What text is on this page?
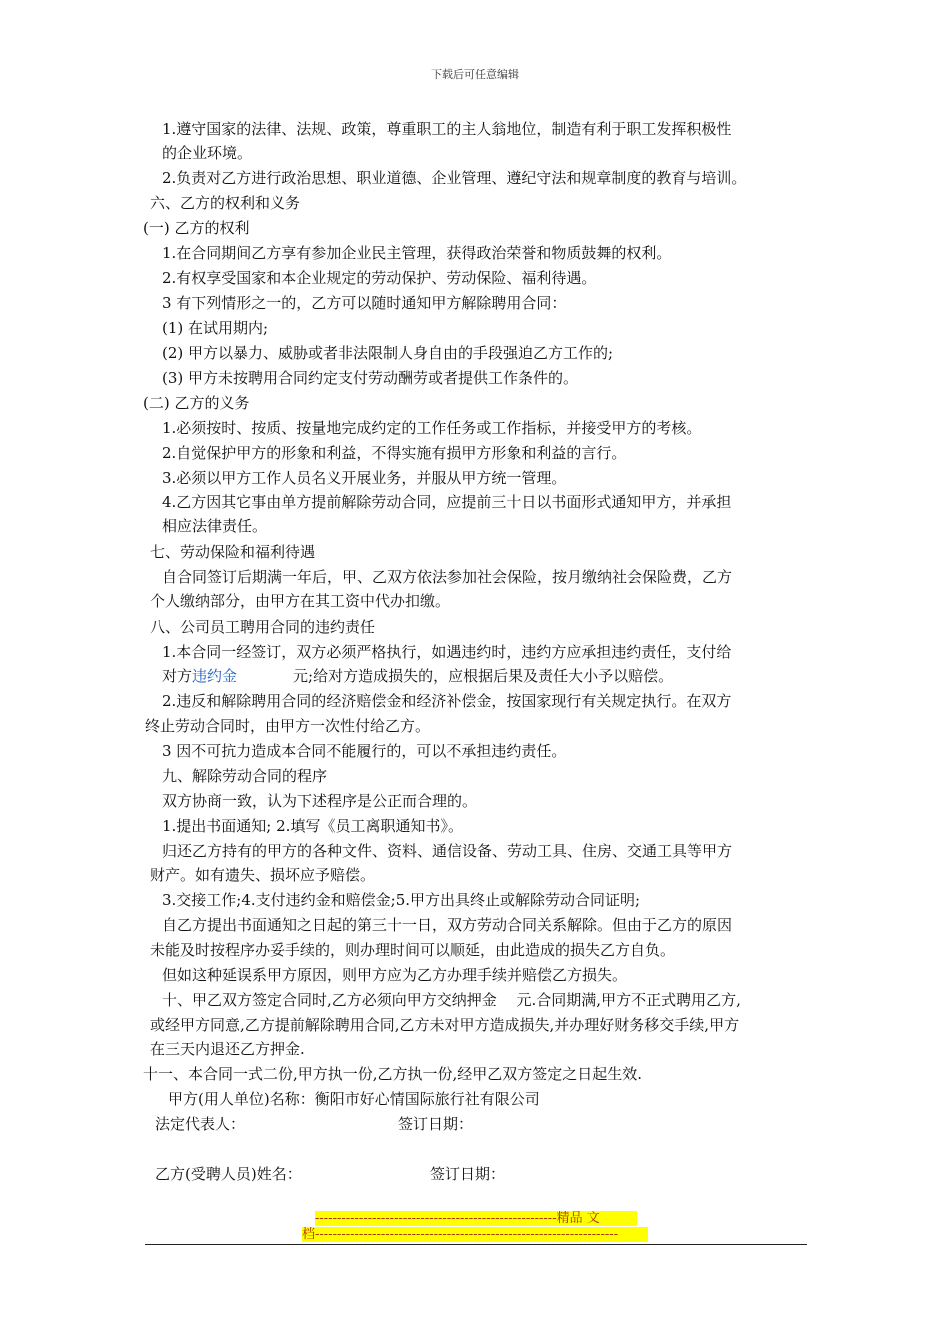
下载后可任意编辑
1.遵守国家的法律、法规、政策，尊重职工的主人翁地位，制造有利于职工发挥积极性
的企业环境。
2.负责对乙方进行政治思想、职业道德、企业管理、遵纪守法和规章制度的教育与培训。
六、乙方的权利和义务
(一) 乙方的权利
1.在合同期间乙方享有参加企业民主管理，获得政治荣誉和物质鼓舞的权利。
2.有权享受国家和本企业规定的劳动保护、劳动保险、福利待遇。
3 有下列情形之一的，乙方可以随时通知甲方解除聘用合同：
(1) 在试用期内;
(2) 甲方以暴力、威胁或者非法限制人身自由的手段强迫乙方工作的;
(3) 甲方未按聘用合同约定支付劳动酬劳或者提供工作条件的。
(二) 乙方的义务
1.必须按时、按质、按量地完成约定的工作任务或工作指标，并接受甲方的考核。
2.自觉保护甲方的形象和利益，不得实施有损甲方形象和利益的言行。
3.必须以甲方工作人员名义开展业务，并服从甲方统一管理。
4.乙方因其它事由单方提前解除劳动合同，应提前三十日以书面形式通知甲方，并承担
相应法律责任。
七、劳动保险和福利待遇
自合同签订后期满一年后，甲、乙双方依法参加社会保险，按月缴纳社会保险费，乙方
个人缴纳部分，由甲方在其工资中代办扣缴。
八、公司员工聘用合同的违约责任
1.本合同一经签订，双方必须严格执行，如遇违约时，违约方应承担违约责任，支付给
对方违约金	元;给对方造成损失的，应根据后果及责任大小予以赔偿。
2.违反和解除聘用合同的经济赔偿金和经济补偿金，按国家现行有关规定执行。在双方
终止劳动合同时，由甲方一次性付给乙方。
3 因不可抗力造成本合同不能履行的，可以不承担违约责任。
九、解除劳动合同的程序
双方协商一致，认为下述程序是公正而合理的。
1.提出书面通知; 2.填写《员工离职通知书》。
归还乙方持有的甲方的各种文件、资料、通信设备、劳动工具、住房、交通工具等甲方
财产。如有遗失、损坏应予赔偿。
3.交接工作;4.支付违约金和赔偿金;5.甲方出具终止或解除劳动合同证明;
自乙方提出书面通知之日起的第三十一日，双方劳动合同关系解除。但由于乙方的原因
未能及时按程序办妥手续的，则办理时间可以顺延，由此造成的损失乙方自负。
但如这种延误系甲方原因，则甲方应为乙方办理手续并赔偿乙方损失。
十、甲乙双方签定合同时,乙方必须向甲方交纳押金　 元.合同期满,甲方不正式聘用乙方,
或经甲方同意,乙方提前解除聘用合同,乙方未对甲方造成损失,并办理好财务移交手续,甲方
在三天内退还乙方押金.
十一、本合同一式二份,甲方执一份,乙方执一份,经甲乙双方签定之日起生效.
甲方(用人单位)名称：衡阳市好心情国际旅行社有限公司
法定代表人：	签订日期：
乙方(受聘人员)姓名：	签订日期：
-------------------------------------------------------精品 文
档---------------------------------------------------------------------
